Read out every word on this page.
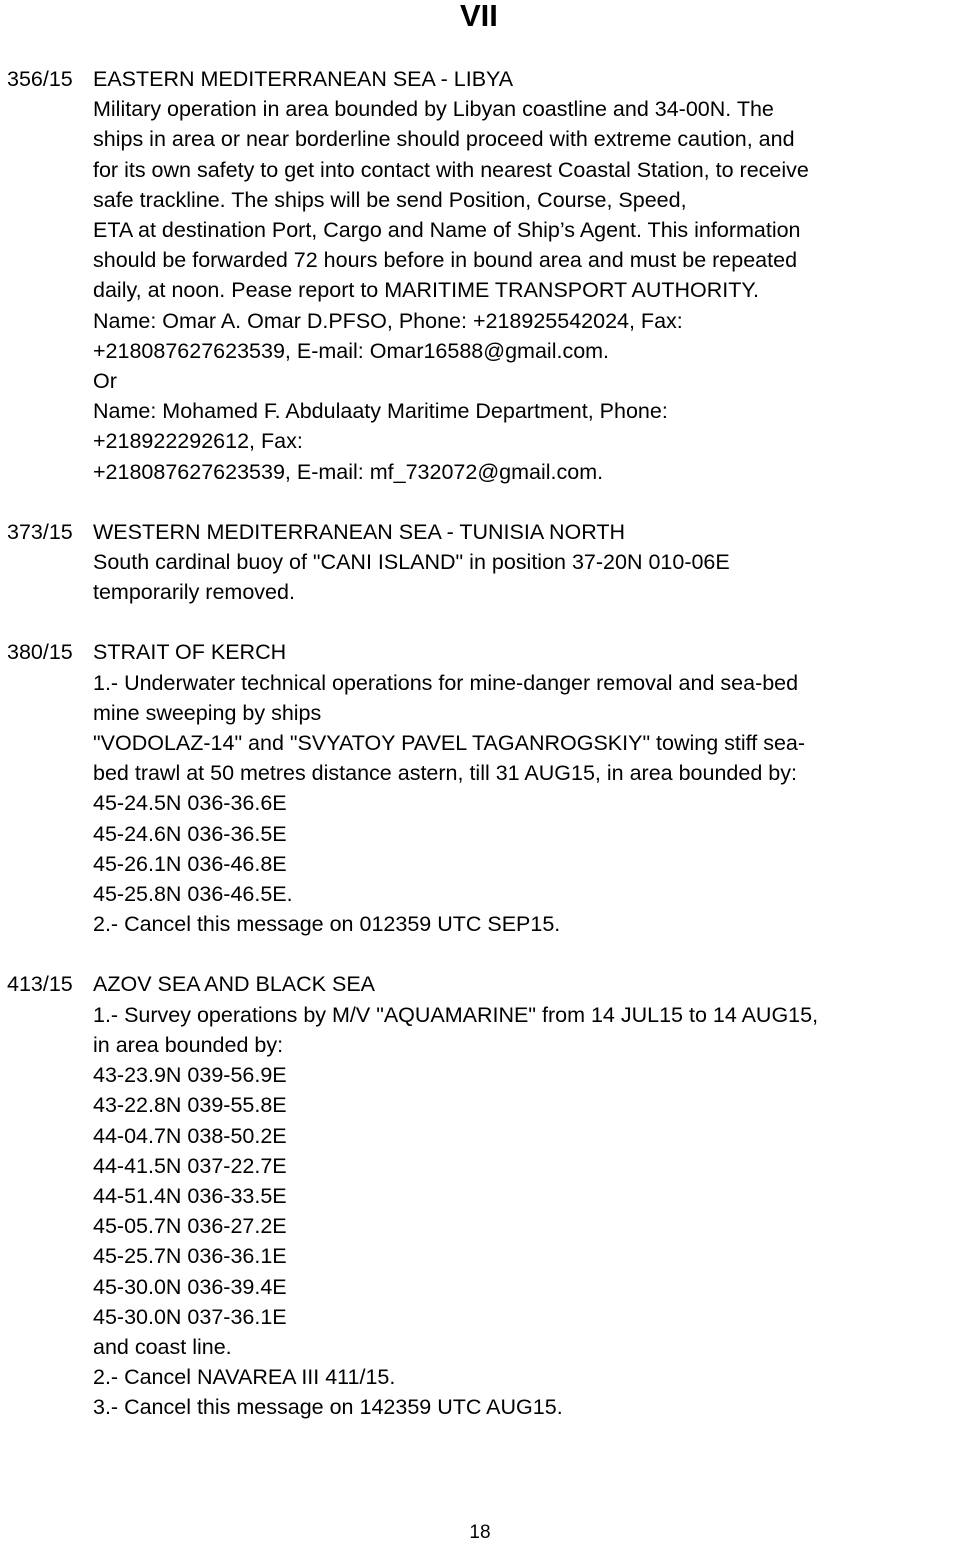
VII
356/15 EASTERN MEDITERRANEAN SEA - LIBYA
Military operation in area bounded by Libyan coastline and 34-00N. The
ships in area or near borderline should proceed with extreme caution, and
for its own safety to get into contact with nearest Coastal Station, to receive
safe trackline. The ships will be send Position, Course, Speed,
ETA at destination Port, Cargo and Name of Ship’s Agent. This information
should be forwarded 72 hours before in bound area and must be repeated
daily, at noon. Pease report to MARITIME TRANSPORT AUTHORITY.
Name: Omar A. Omar D.PFSO, Phone: +218925542024, Fax:
+218087627623539, E-mail: Omar16588@gmail.com.
Or
Name: Mohamed F. Abdulaaty Maritime Department, Phone:
+218922292612, Fax:
+218087627623539, E-mail: mf_732072@gmail.com.
373/15 WESTERN MEDITERRANEAN SEA - TUNISIA NORTH
South cardinal buoy of "CANI ISLAND" in position 37-20N 010-06E
temporarily removed.
380/15 STRAIT OF KERCH
1.- Underwater technical operations for mine-danger removal and sea-bed
mine sweeping by ships
"VODOLAZ-14" and "SVYATOY PAVEL TAGANROGSKIY" towing stiff sea-
bed trawl at 50 metres distance astern, till 31 AUG15, in area bounded by:
45-24.5N 036-36.6E
45-24.6N 036-36.5E
45-26.1N 036-46.8E
45-25.8N 036-46.5E.
2.- Cancel this message on 012359 UTC SEP15.
413/15 AZOV SEA AND BLACK SEA
1.- Survey operations by M/V "AQUAMARINE" from 14 JUL15 to 14 AUG15,
in area bounded by:
43-23.9N 039-56.9E
43-22.8N 039-55.8E
44-04.7N 038-50.2E
44-41.5N 037-22.7E
44-51.4N 036-33.5E
45-05.7N 036-27.2E
45-25.7N 036-36.1E
45-30.0N 036-39.4E
45-30.0N 037-36.1E
and coast line.
2.- Cancel NAVAREA III 411/15.
3.- Cancel this message on 142359 UTC AUG15.
18
